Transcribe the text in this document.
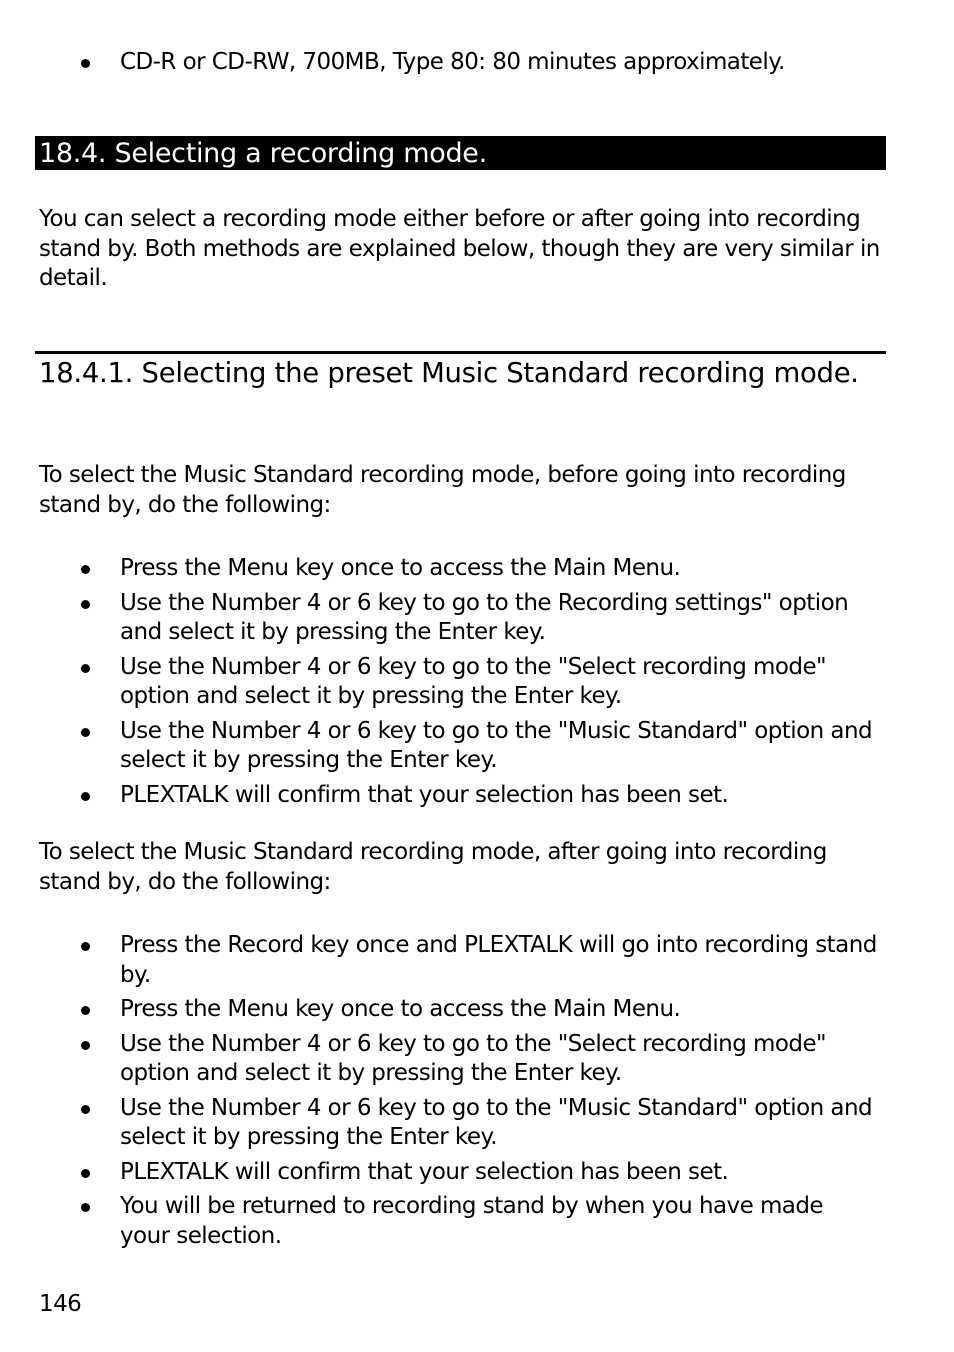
CD-R or CD-RW, 700MB, Type 80: 80 minutes approximately.
18.4. Selecting a recording mode.

You can select a recording mode either before or after going into recording stand by. Both methods are explained below, though they are very similar in detail.

18.4.1. Selecting the preset Music Standard recording mode.

To select the Music Standard recording mode, before going into recording stand by, do the following:

Press the Menu key once to access the Main Menu.
Use the Number 4 or 6 key to go to the Recording settings" option and select it by pressing the Enter key.
Use the Number 4 or 6 key to go to the "Select recording mode" option and select it by pressing the Enter key.
Use the Number 4 or 6 key to go to the "Music Standard" option and select it by pressing the Enter key.
PLEXTALK will confirm that your selection has been set.

To select the Music Standard recording mode, after going into recording stand by, do the following:

Press the Record key once and PLEXTALK will go into recording stand by.
Press the Menu key once to access the Main Menu.
Use the Number 4 or 6 key to go to the "Select recording mode" option and select it by pressing the Enter key.
Use the Number 4 or 6 key to go to the "Music Standard" option and select it by pressing the Enter key.
PLEXTALK will confirm that your selection has been set.
You will be returned to recording stand by when you have made your selection.
146
